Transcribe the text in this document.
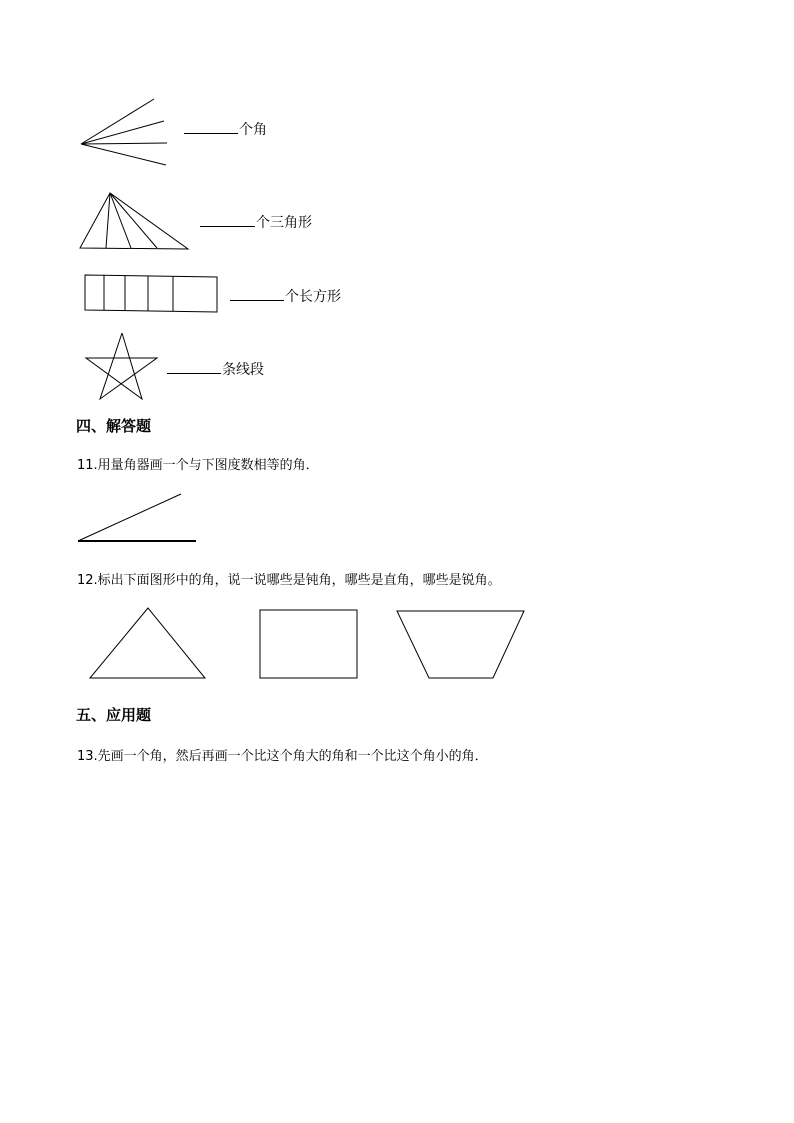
个角
个三角形
个长方形
条线段
四、解答题
11.用量角器画一个与下图度数相等的角．
12.标出下面图形中的角，说一说哪些是钝角，哪些是直角，哪些是锐角。
五、应用题
13.先画一个角，然后再画一个比这个角大的角和一个比这个角小的角．
